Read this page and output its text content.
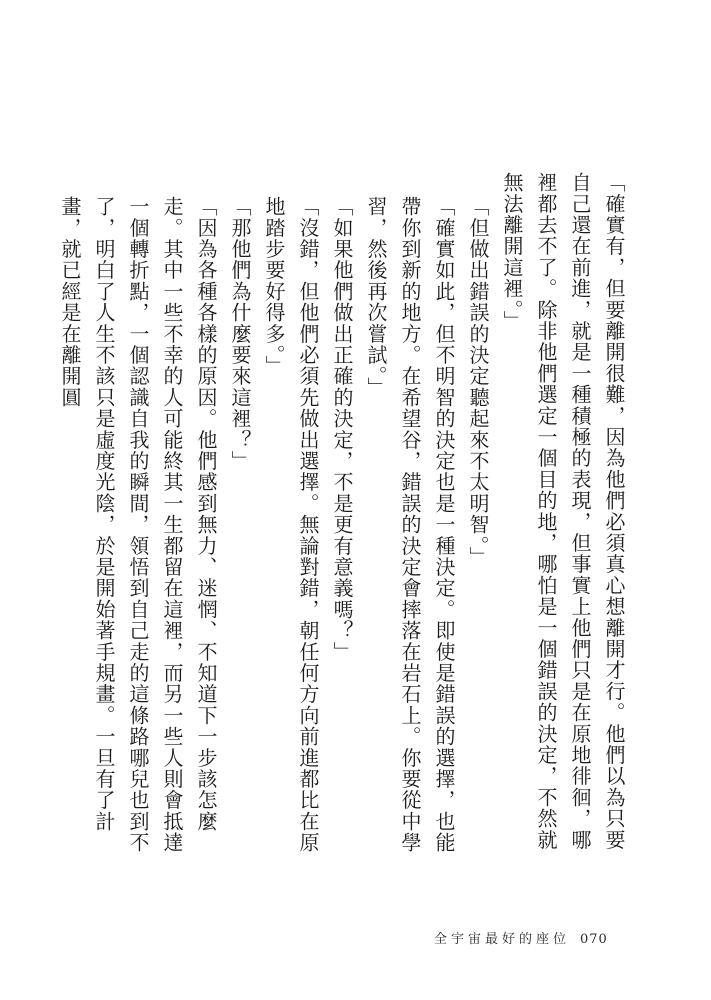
「確實有，但要離開很難，因為他們必須真心想離開才行。他們以為只要自己還在前進，就是一種積極的表現，但事實上他們只是在原地徘徊，哪裡都去不了。除非他們選定一個目的地，哪怕是一個錯誤的決定，不然就無法離開這裡。」

「但做出錯誤的決定聽起來不太明智。」

「確實如此，但不明智的決定也是一種決定。即使是錯誤的選擇，也能帶你到新的地方。在希望谷，錯誤的決定會摔落在岩石上。你要從中學習，然後再次嘗試。」

「如果他們做出正確的決定，不是更有意義嗎？」

「沒錯，但他們必須先做出選擇。無論對錯，朝任何方向前進都比在原地踏步要好得多。」

「那他們為什麼要來這裡？」

「因為各種各樣的原因。他們感到無力、迷惘、不知道下一步該怎麼走。其中一些不幸的人可能終其一生都留在這裡，而另一些人則會抵達一個轉折點，一個認識自我的瞬間，領悟到自己走的這條路哪兒也到不了，明白了人生不該只是虛度光陰，於是開始著手規畫。一旦有了計畫，就已經是在離開圓

全宇宙最好的座位 070
